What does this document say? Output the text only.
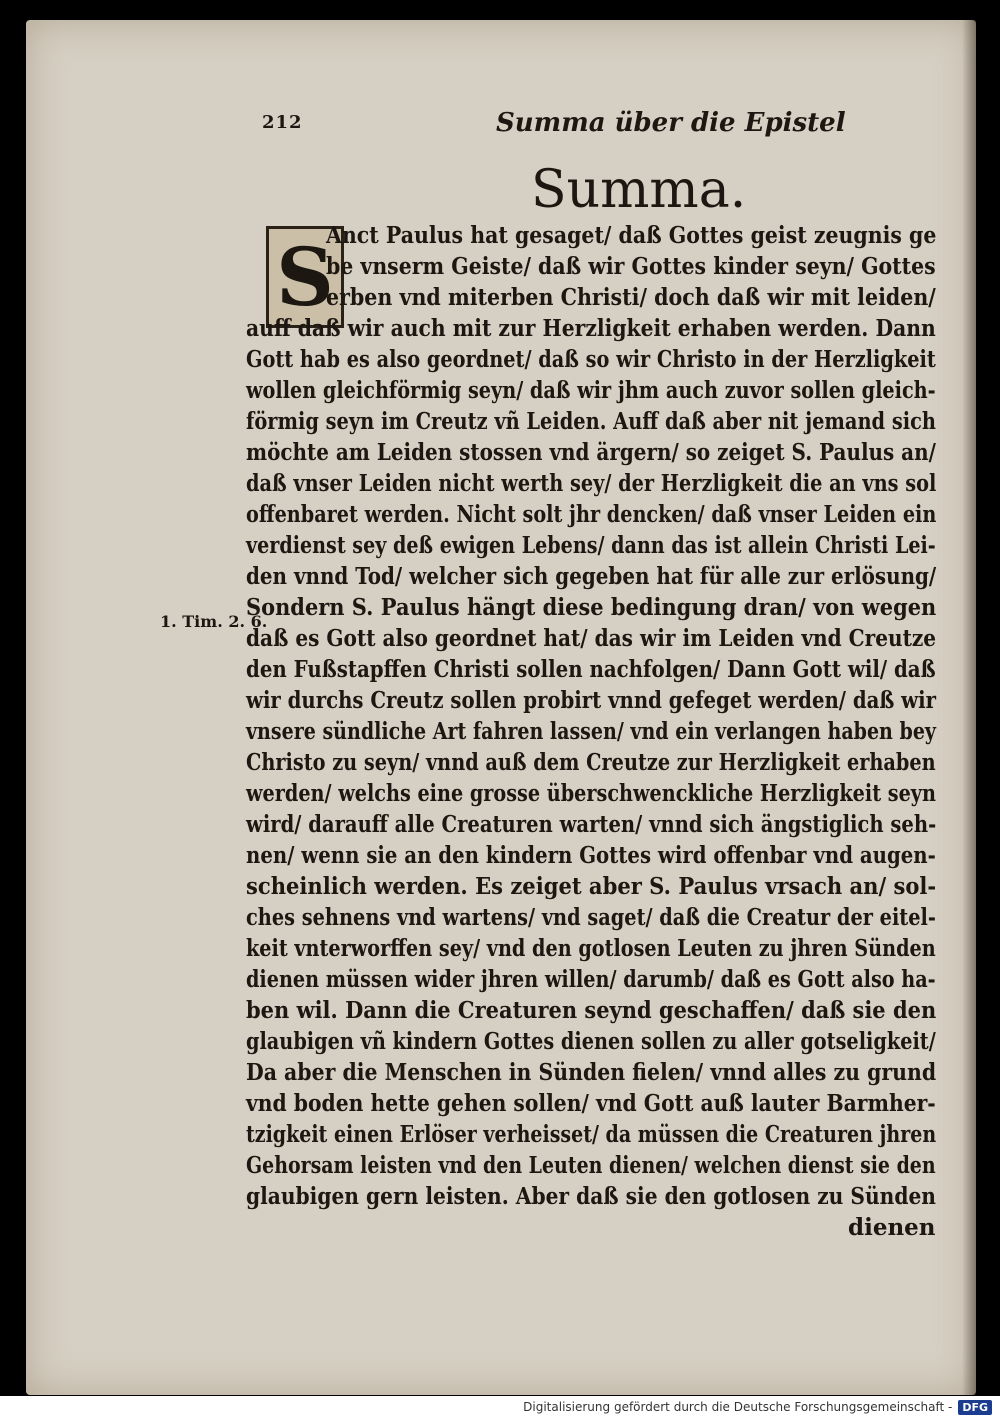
212	Summa über die Epistel
Summa.
S
1. Tim. 2. 6.
Anct Paulus hat gesaget/ daß Gottes geist zeugnis ge
be vnserm Geiste/ daß wir Gottes kinder seyn/ Gottes
erben vnd miterben Christi/ doch daß wir mit leiden/
auff daß wir auch mit zur Herzligkeit erhaben werden. Dann
Gott hab es also geordnet/ daß so wir Christo in der Herzligkeit
wollen gleichförmig seyn/ daß wir jhm auch zuvor sollen gleich-
förmig seyn im Creutz vñ Leiden. Auff daß aber nit jemand sich
möchte am Leiden stossen vnd ärgern/ so zeiget S. Paulus an/
daß vnser Leiden nicht werth sey/ der Herzligkeit die an vns sol
offenbaret werden. Nicht solt jhr dencken/ daß vnser Leiden ein
verdienst sey deß ewigen Lebens/ dann das ist allein Christi Lei-
den vnnd Tod/ welcher sich gegeben hat für alle zur erlösung/
Sondern S. Paulus hängt diese bedingung dran/ von wegen
daß es Gott also geordnet hat/ das wir im Leiden vnd Creutze
den Fußstapffen Christi sollen nachfolgen/ Dann Gott wil/ daß
wir durchs Creutz sollen probirt vnnd gefeget werden/ daß wir
vnsere sündliche Art fahren lassen/ vnd ein verlangen haben bey
Christo zu seyn/ vnnd auß dem Creutze zur Herzligkeit erhaben
werden/ welchs eine grosse überschwenckliche Herzligkeit seyn
wird/ darauff alle Creaturen warten/ vnnd sich ängstiglich seh-
nen/ wenn sie an den kindern Gottes wird offenbar vnd augen-
scheinlich werden. Es zeiget aber S. Paulus vrsach an/ sol-
ches sehnens vnd wartens/ vnd saget/ daß die Creatur der eitel-
keit vnterworffen sey/ vnd den gotlosen Leuten zu jhren Sünden
dienen müssen wider jhren willen/ darumb/ daß es Gott also ha-
ben wil. Dann die Creaturen seynd geschaffen/ daß sie den
glaubigen vñ kindern Gottes dienen sollen zu aller gotseligkeit/
Da aber die Menschen in Sünden fielen/ vnnd alles zu grund
vnd boden hette gehen sollen/ vnd Gott auß lauter Barmher-
tzigkeit einen Erlöser verheisset/ da müssen die Creaturen jhren
Gehorsam leisten vnd den Leuten dienen/ welchen dienst sie den
glaubigen gern leisten. Aber daß sie den gotlosen zu Sünden
dienen
Digitalisierung gefördert durch die Deutsche Forschungsgemeinschaft - DFG
